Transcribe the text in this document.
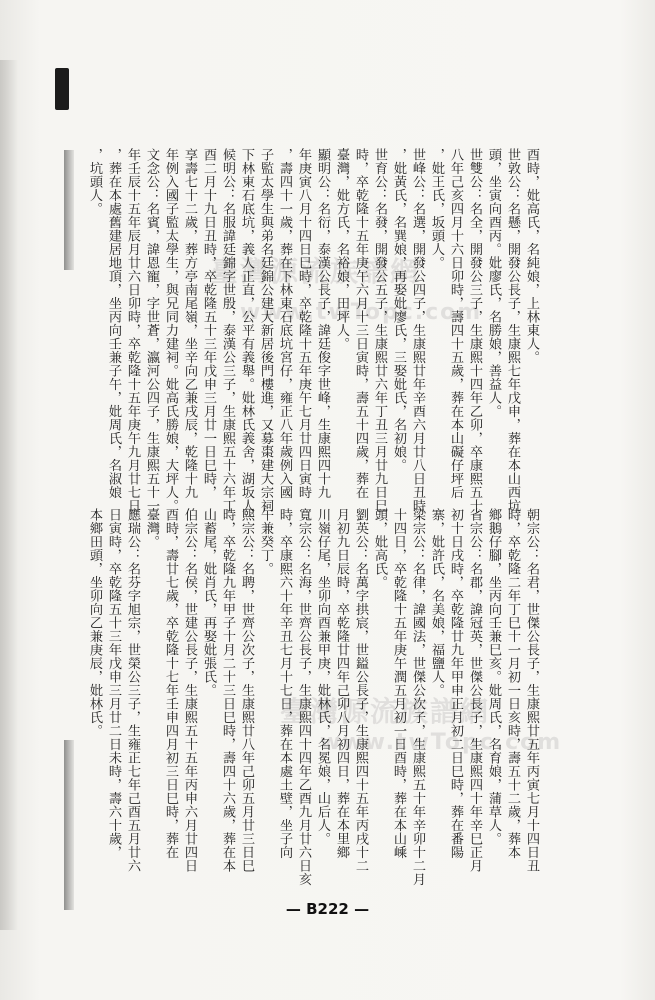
臺灣源流族譜網
www.twTopc.com
臺灣源流族譜網
www.twTopc.com
酉時，妣高氏，名純娘，上林東人。
世敦公：名懸，開發公長子，生康熙七年戊申，葬在本山西坑
頭，坐寅向酉丙。妣廖氏，名勝娘，善益人。
世雙公：名全，開發公三子，生康熙十四年乙卯，卒康熙五十
八年己亥四月十六日卯時，壽四十五歲，葬在本山礙仔坪后
，妣王氏，坂頭人。
世峰公：名選，開發公四子，生康熙廿年辛酉六月廿八日丑時
，妣黃氏，名巽娘，再娶妣廖氏，三娶妣氏，名初娘。
世育公：名發，開發公五子，生康熙廿六年丁丑三月廿九日巳
時，卒乾隆十五年庚午六月十三日寅時，壽五十四歲，葬在
臺灣，妣方氏，名裕娘，田坪人。
顯明公：名衍，泰漢公長子，諱廷俊字世峰，生康熙四十九
年庚寅八月十四日巳時，卒乾隆十五年庚午七月廿四日寅時
，壽四十一歲，葬在下林東石底坑宮仔，雍正八年歲例入國
子監太學生與弟名廷錦公建大新居後門樓進，又募棗建大宗祠
下林東石底坑，義人正直，公平有義舉。妣林氏義舍，湖坂人。
候明公：名服諱廷錦字世殷，泰漢公三子，生康熙五十六年丁
酉二月十九日丑時，卒乾隆五十三年戊申三月廿一日巳時，
享壽七十二歲，葬方亭南尾嶺，坐辛向乙兼戌辰，乾隆十九
年例入國子監太學生，與兄同力建祠。妣高氏勝娘，大坪人。
文念公：名賓，諱恩寵，字世蒼，瀛河公四子，生康熙五十一
年壬辰十五年辰月廿六日卯時，卒乾隆十五年庚午九月廿七日
，葬在本處舊建居地頂，坐丙向壬兼子午，妣周氏，名淑娘
，坑頭人。
朝宗公：名君，世傑公長子，生康熙廿五年丙寅七月十四日丑
時，卒乾隆二年丁巳十一月初一日亥時，壽五十二歲，葬本
鄉鵝仔腳，坐丙向壬兼巳亥。妣周氏，名育娘，蒲草人。
省宗公：名郡，諱冠英，世傑公長子，生康熙四十年辛巳正月
初十日戌時，卒乾隆廿九年甲申正月初二日巳時，葬在番陽
寨，妣許氏，名美娘，福鹽人。
梁宗公：名律，諱國法，世傑公次子，生康熙五十年辛卯十二月
十四日，卒乾隆十五年庚午潤五月初一日酉時，葬在本山嵊
頭，妣高氏。
劉英公：名萬字拱宸，世鎰公長子，生康熙四十五年丙戌十二
月初九日辰時，卒乾隆廿四年己卯八月初四日，葬在本里鄉
川嶺仔尾，坐卯向酉兼甲庚，妣林氏，名冕娘，山后人。
寬宗公：名海，世齊公長子，生康熙四十四年乙酉九月廿六日亥
時，卒康熙六十年辛丑七月十七日，葬在本處土壁，坐子向
午兼癸丁。
熙宗公：名聘，世齊公次子，生康熙廿八年己卯五月廿三日巳
時，卒乾隆九年甲子十月二十三日巳時，壽四十六歲，葬在本
山蓄尾，妣肖氏，再娶妣張氏。
伯宗公：名侯，世建公長子，生康熙五十五年丙申六月廿四日
酉時，壽廿七歲，卒乾隆十七年壬申四月初三日巳時，葬在
臺灣。
應瑞公：名芬字旭宗，世榮公三子，生雍正七年己酉五月廿六
日寅時，卒乾隆五十三年戊申三月廿二日未時，壽六十歲，
本鄉田頭，坐卯向乙兼庚辰，妣林氏。
— B222 —
